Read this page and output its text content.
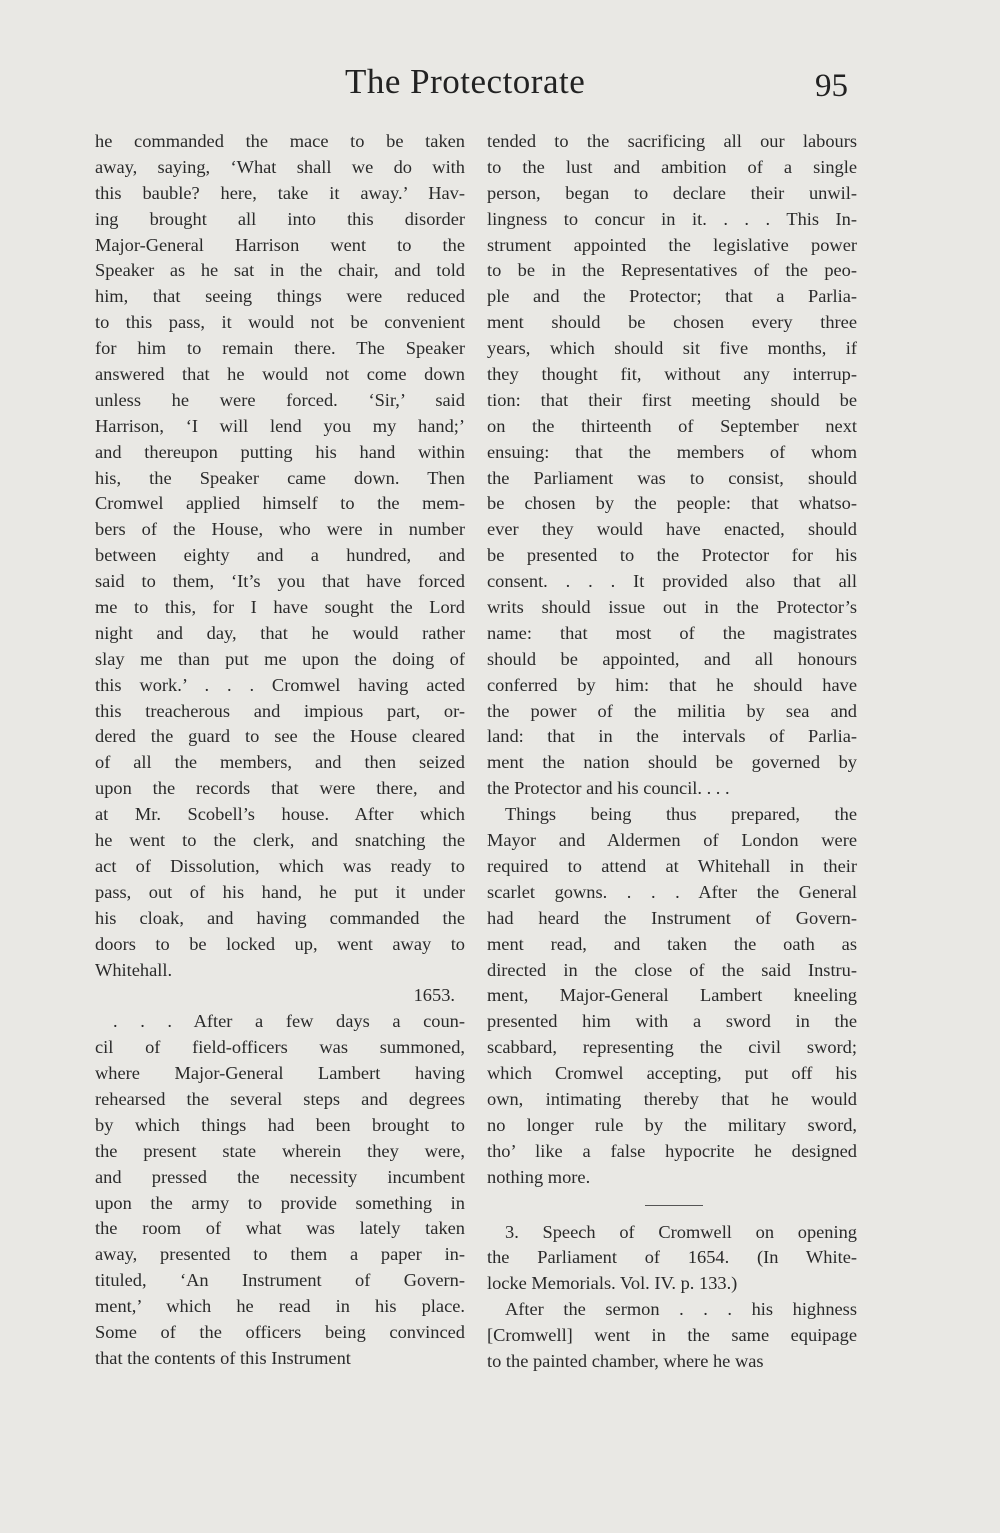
The Protectorate	95
he commanded the mace to be taken
away, saying, ‘What shall we do with
this bauble? here, take it away.’ Hav-
ing brought all into this disorder
Major-General Harrison went to the
Speaker as he sat in the chair, and told
him, that seeing things were reduced
to this pass, it would not be convenient
for him to remain there. The Speaker
answered that he would not come down
unless he were forced. ‘Sir,’ said
Harrison, ‘I will lend you my hand;’
and thereupon putting his hand within
his, the Speaker came down. Then
Cromwel applied himself to the mem-
bers of the House, who were in number
between eighty and a hundred, and
said to them, ‘It’s you that have forced
me to this, for I have sought the Lord
night and day, that he would rather
slay me than put me upon the doing of
this work.’ . . . Cromwel having acted
this treacherous and impious part, or-
dered the guard to see the House cleared
of all the members, and then seized
upon the records that were there, and
at Mr. Scobell’s house. After which
he went to the clerk, and snatching the
act of Dissolution, which was ready to
pass, out of his hand, he put it under
his cloak, and having commanded the
doors to be locked up, went away to
Whitehall.
1653.
. . . After a few days a coun-
cil of field-officers was summoned,
where Major-General Lambert having
rehearsed the several steps and degrees
by which things had been brought to
the present state wherein they were,
and pressed the necessity incumbent
upon the army to provide something in
the room of what was lately taken
away, presented to them a paper in-
tituled, ‘An Instrument of Govern-
ment,’ which he read in his place.
Some of the officers being convinced
that the contents of this Instrument
tended to the sacrificing all our labours
to the lust and ambition of a single
person, began to declare their unwil-
lingness to concur in it. . . . This In-
strument appointed the legislative power
to be in the Representatives of the peo-
ple and the Protector; that a Parlia-
ment should be chosen every three
years, which should sit five months, if
they thought fit, without any interrup-
tion: that their first meeting should be
on the thirteenth of September next
ensuing: that the members of whom
the Parliament was to consist, should
be chosen by the people: that whatso-
ever they would have enacted, should
be presented to the Protector for his
consent. . . . It provided also that all
writs should issue out in the Protector’s
name: that most of the magistrates
should be appointed, and all honours
conferred by him: that he should have
the power of the militia by sea and
land: that in the intervals of Parlia-
ment the nation should be governed by
the Protector and his council. . . .
Things being thus prepared, the
Mayor and Aldermen of London were
required to attend at Whitehall in their
scarlet gowns. . . . After the General
had heard the Instrument of Govern-
ment read, and taken the oath as
directed in the close of the said Instru-
ment, Major-General Lambert kneeling
presented him with a sword in the
scabbard, representing the civil sword;
which Cromwel accepting, put off his
own, intimating thereby that he would
no longer rule by the military sword,
tho’ like a false hypocrite he designed
nothing more.
3. Speech of Cromwell on opening
the Parliament of 1654. (In White-
locke Memorials. Vol. IV. p. 133.)
After the sermon . . . his highness
[Cromwell] went in the same equipage
to the painted chamber, where he was
